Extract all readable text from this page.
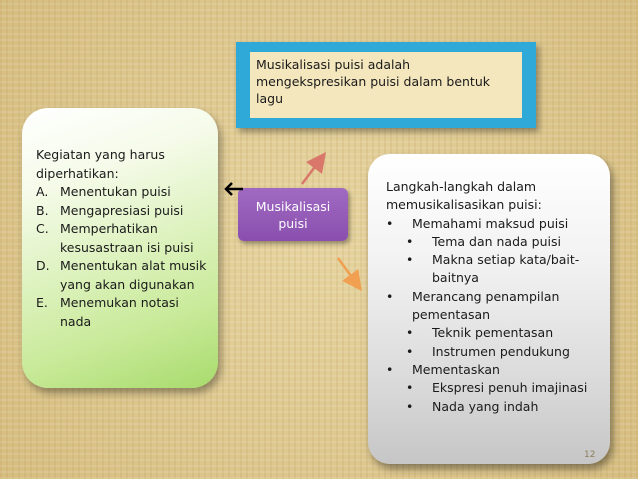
Musikalisasi puisi adalah mengekspresikan puisi dalam bentuk lagu
Kegiatan yang harus diperhatikan:
A. Menentukan puisi
B. Mengapresiasi puisi
C. Memperhatikan kesusastraan isi puisi
D. Menentukan alat musik yang akan digunakan
E. Menemukan notasi nada
Musikalisasi puisi
Langkah-langkah dalam memusikalisasikan puisi:
•	Memahami maksud puisi
•	Tema dan nada puisi
•	Makna setiap kata/bait-baitnya
•	Merancang penampilan pementasan
•	Teknik pementasan
•	Instrumen pendukung
•	Mementaskan
•	Ekspresi penuh imajinasi
•	Nada yang indah
12
